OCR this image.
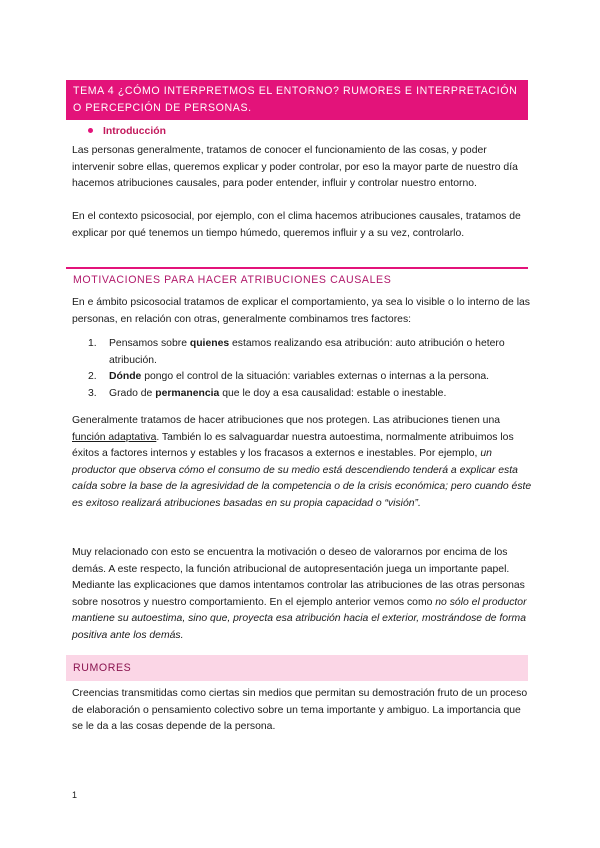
TEMA 4 ¿CÓMO INTERPRETMOS EL ENTORNO? RUMORES E INTERPRETACIÓN O PERCEPCIÓN DE PERSONAS.
Introducción
Las personas generalmente, tratamos de conocer el funcionamiento de las cosas, y poder intervenir sobre ellas, queremos explicar y poder controlar, por eso la mayor parte de nuestro día hacemos atribuciones causales, para poder entender, influir y controlar nuestro entorno.
En el contexto psicosocial, por ejemplo, con el clima hacemos atribuciones causales, tratamos de explicar por qué tenemos un tiempo húmedo, queremos influir y a su vez, controlarlo.
MOTIVACIONES PARA HACER ATRIBUCIONES CAUSALES
En e ámbito psicosocial tratamos de explicar el comportamiento, ya sea lo visible o lo interno de las personas, en relación con otras, generalmente combinamos tres factores:
1. Pensamos sobre quienes estamos realizando esa atribución: auto atribución o hetero atribución.
2. Dónde pongo el control de la situación: variables externas o internas a la persona.
3. Grado de permanencia que le doy a esa causalidad: estable o inestable.
Generalmente tratamos de hacer atribuciones que nos protegen. Las atribuciones tienen una función adaptativa. También lo es salvaguardar nuestra autoestima, normalmente atribuimos los éxitos a factores internos y estables y los fracasos a externos e inestables. Por ejemplo, un productor que observa cómo el consumo de su medio está descendiendo tenderá a explicar esta caída sobre la base de la agresividad de la competencia o de la crisis económica; pero cuando éste es exitoso realizará atribuciones basadas en su propia capacidad o “visión”.
Muy relacionado con esto se encuentra la motivación o deseo de valorarnos por encima de los demás. A este respecto, la función atribucional de autopresentación juega un importante papel. Mediante las explicaciones que damos intentamos controlar las atribuciones de las otras personas sobre nosotros y nuestro comportamiento. En el ejemplo anterior vemos como no sólo el productor mantiene su autoestima, sino que, proyecta esa atribución hacia el exterior, mostrándose de forma positiva ante los demás.
RUMORES
Creencias transmitidas como ciertas sin medios que permitan su demostración fruto de un proceso de elaboración o pensamiento colectivo sobre un tema importante y ambiguo. La importancia que se le da a las cosas depende de la persona.
1
